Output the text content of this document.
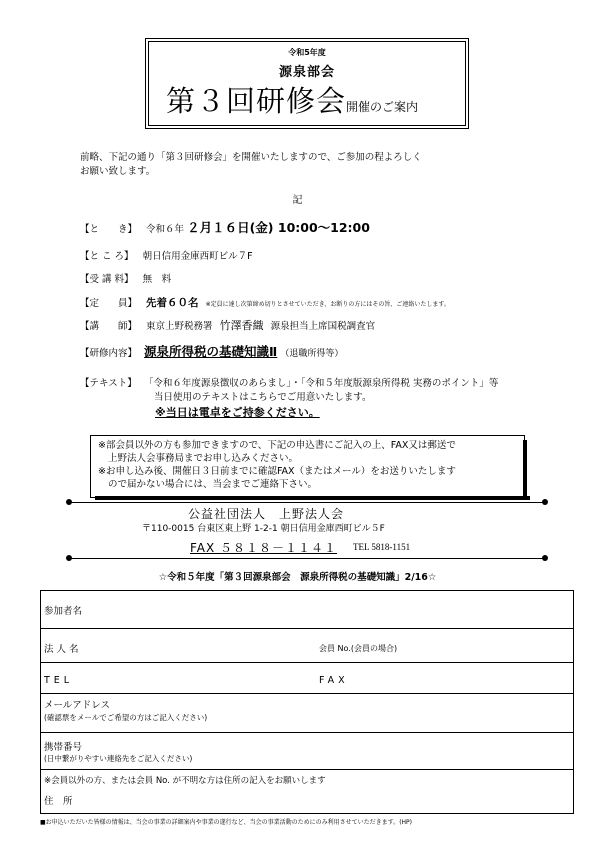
令和5年度
源泉部会
第３回研修会開催のご案内
前略、下記の通り「第３回研修会」を開催いたしますので、ご参加の程よろしく
お願い致します。
記
【と　　き】 令和６年 ２月１６日(金) 10:00～12:00
【と こ ろ】 朝日信用金庫西町ビル７F
【受 講 料】 無　料
【定　　員】 先着６０名 ※定員に達し次第締め切りとさせていただき、お断りの方にはその旨、ご連絡いたします。
【講　　師】 東京上野税務署 竹澤香織 源泉担当上席国税調査官
【研修内容】 源泉所得税の基礎知識Ⅱ （退職所得等）
【テキスト】 「令和６年度源泉徴収のあらまし」・「令和５年度版源泉所得税 実務のポイント」等
当日使用のテキストはこちらでご用意いたします。
※当日は電卓をご持参ください。
※部会員以外の方も参加できますので、下記の申込書にご記入の上、FAX又は郵送で
上野法人会事務局までお申し込みください。
※お申し込み後、開催日３日前までに確認FAX（またはメール）をお送りいたします
ので届かない場合には、当会までご連絡下さい。
公益社団法人　上野法人会
〒110-0015 台東区東上野 1-2-1 朝日信用金庫西町ビル５F
FAX ５８１８－１１４１ TEL 5818-1151
☆令和５年度「第３回源泉部会　源泉所得税の基礎知識」2/16☆
参加者名
法 人 名	会員 No.(会員の場合)
TEL	FAX
メールアドレス
(確認票をメールでご希望の方はご記入ください)
携帯番号
(日中繋がりやすい連絡先をご記入ください)
※会員以外の方、または会員 No. が不明な方は住所の記入をお願いします
住　所
■お申込いただいた皆様の情報は、当会の事業の詳細案内や事業の遂行など、当会の事業活動のためにのみ利用させていただきます。(HP)
